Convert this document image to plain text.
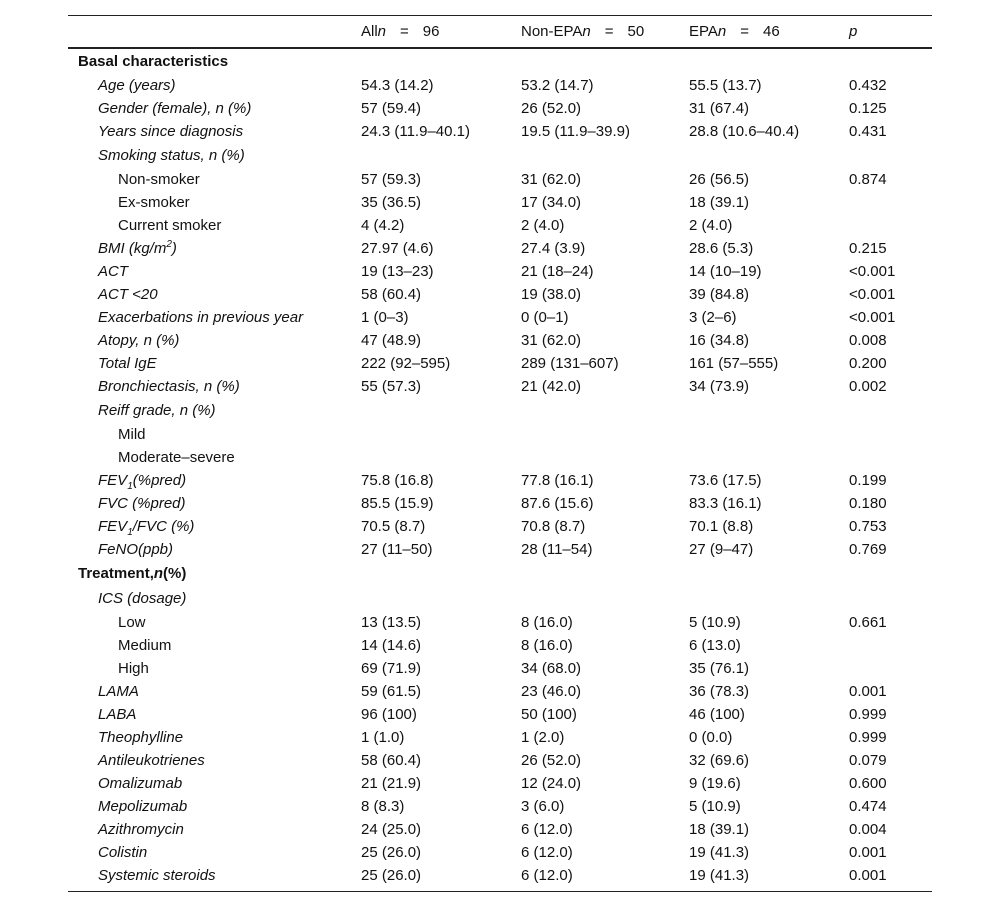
Alln = 96	Non-EPAn = 50	EPAn = 46	p
Basal characteristics
Age (years)	54.3 (14.2)	53.2 (14.7)	55.5 (13.7)	0.432
Gender (female), n (%)	57 (59.4)	26 (52.0)	31 (67.4)	0.125
Years since diagnosis	24.3 (11.9–40.1)	19.5 (11.9–39.9)	28.8 (10.6–40.4)	0.431
Smoking status, n (%)
Non-smoker	57 (59.3)	31 (62.0)	26 (56.5)	0.874
Ex-smoker	35 (36.5)	17 (34.0)	18 (39.1)
Current smoker	4 (4.2)	2 (4.0)	2 (4.0)
BMI $(kg/m^2)$	27.97 (4.6)	27.4 (3.9)	28.6 (5.3)	0.215
ACT	19 (13–23)	21 (18–24)	14 (10–19)	<0.001
ACT <20	58 (60.4)	19 (38.0)	39 (84.8)	<0.001
Exacerbations in previous year	1 (0–3)	0 (0–1)	3 (2–6)	<0.001
Atopy, n (%)	47 (48.9)	31 (62.0)	16 (34.8)	0.008
Total IgE	222 (92–595)	289 (131–607)	161 (57–555)	0.200
Bronchiectasis, n (%)	55 (57.3)	21 (42.0)	34 (73.9)	0.002
Reiff grade, n (%)
Mild
Moderate–severe
$FEV_1(\%pred)$	75.8 (16.8)	77.8 (16.1)	73.6 (17.5)	0.199
FVC (%pred)	85.5 (15.9)	87.6 (15.6)	83.3 (16.1)	0.180
$FEV_1$/FVC (%)	70.5 (8.7)	70.8 (8.7)	70.1 (8.8)	0.753
FeNO(ppb)	27 (11–50)	28 (11–54)	27 (9–47)	0.769
Treatment,n(%)
ICS (dosage)
Low	13 (13.5)	8 (16.0)	5 (10.9)	0.661
Medium	14 (14.6)	8 (16.0)	6 (13.0)
High	69 (71.9)	34 (68.0)	35 (76.1)
LAMA	59 (61.5)	23 (46.0)	36 (78.3)	0.001
LABA	96 (100)	50 (100)	46 (100)	0.999
Theophylline	1 (1.0)	1 (2.0)	0 (0.0)	0.999
Antileukotrienes	58 (60.4)	26 (52.0)	32 (69.6)	0.079
Omalizumab	21 (21.9)	12 (24.0)	9 (19.6)	0.600
Mepolizumab	8 (8.3)	3 (6.0)	5 (10.9)	0.474
Azithromycin	24 (25.0)	6 (12.0)	18 (39.1)	0.004
Colistin	25 (26.0)	6 (12.0)	19 (41.3)	0.001
Systemic steroids	25 (26.0)	6 (12.0)	19 (41.3)	0.001
